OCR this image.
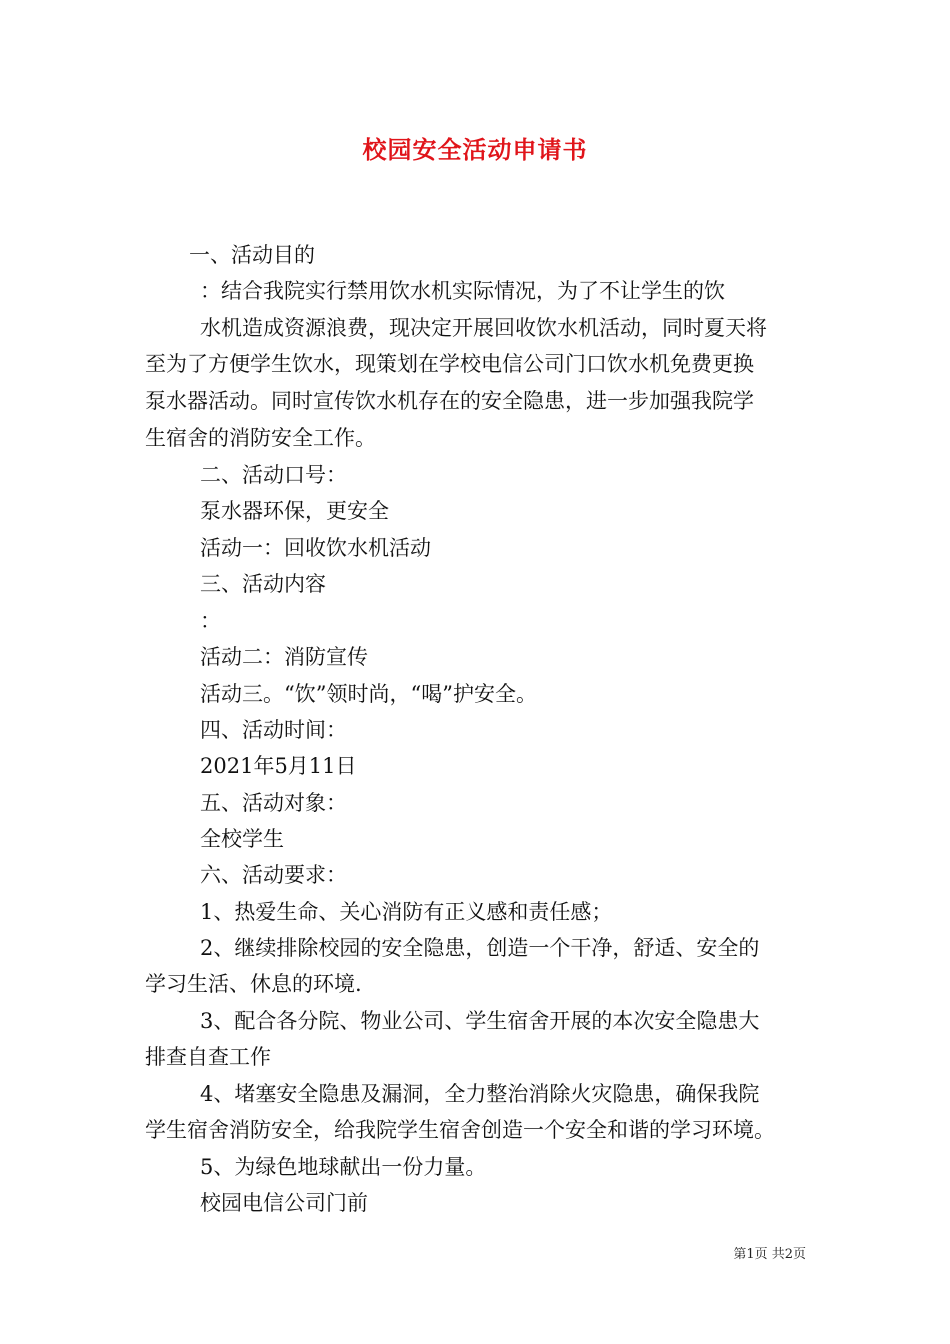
校园安全活动申请书

一、活动目的

：结合我院实行禁用饮水机实际情况，为了不让学生的饮

水机造成资源浪费，现决定开展回收饮水机活动，同时夏天将

至为了方便学生饮水，现策划在学校电信公司门口饮水机免费更换

泵水器活动。同时宣传饮水机存在的安全隐患，进一步加强我院学

生宿舍的消防安全工作。

二、活动口号：

泵水器环保，更安全

活动一：回收饮水机活动

三、活动内容

：

活动二：消防宣传

活动三。“饮”领时尚，“喝”护安全。

四、活动时间：

2021年5月11日

五、活动对象：

全校学生

六、活动要求：

1、热爱生命、关心消防有正义感和责任感；

2、继续排除校园的安全隐患，创造一个干净，舒适、安全的

学习生活、休息的环境.

3、配合各分院、物业公司、学生宿舍开展的本次安全隐患大

排查自查工作

4、堵塞安全隐患及漏洞，全力整治消除火灾隐患，确保我院

学生宿舍消防安全，给我院学生宿舍创造一个安全和谐的学习环境。

5、为绿色地球献出一份力量。

校园电信公司门前

第1页 共2页
